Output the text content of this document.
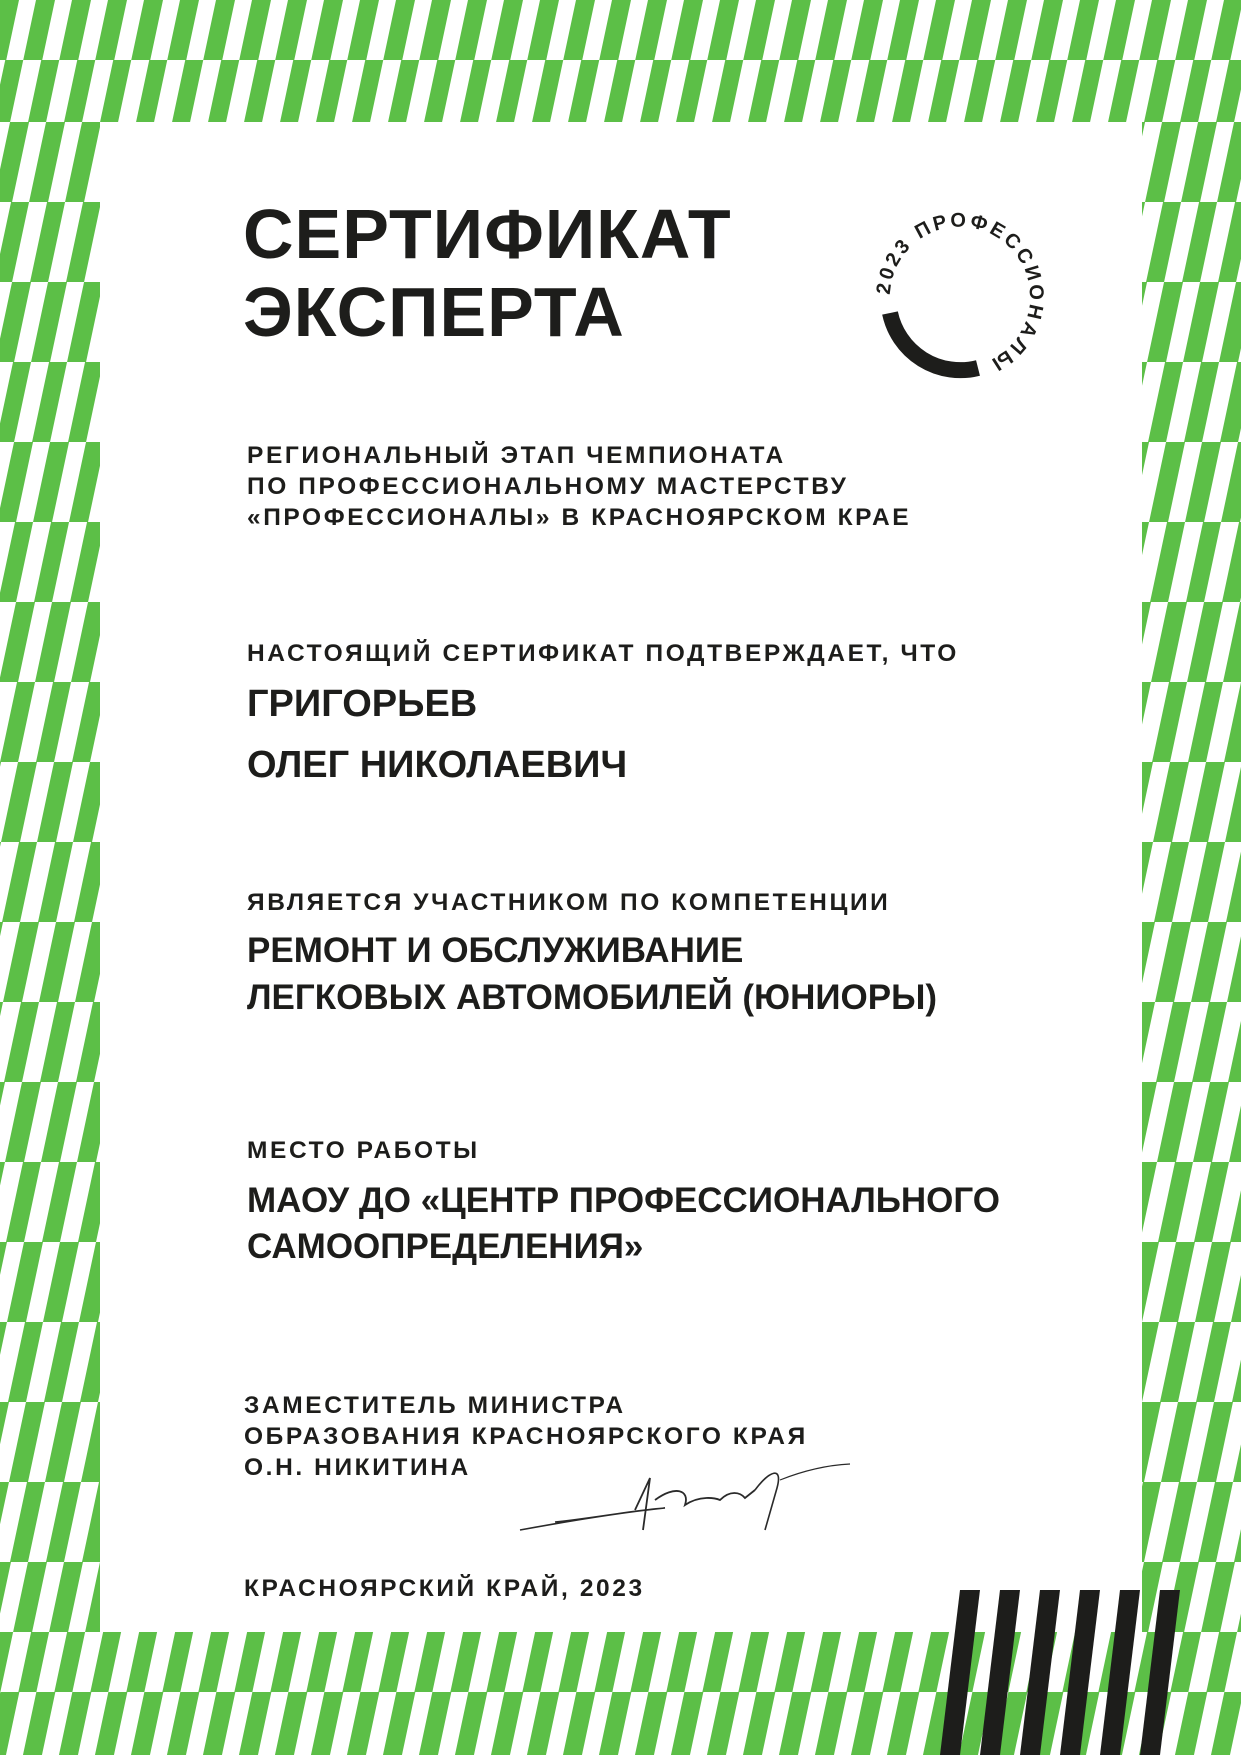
СЕРТИФИКАТ
ЭКСПЕРТА	2023 ПРОФЕССИОНАЛЫ
РЕГИОНАЛЬНЫЙ ЭТАП ЧЕМПИОНАТА
ПО ПРОФЕССИОНАЛЬНОМУ МАСТЕРСТВУ
«ПРОФЕССИОНАЛЫ» В КРАСНОЯРСКОМ КРАЕ
НАСТОЯЩИЙ СЕРТИФИКАТ ПОДТВЕРЖДАЕТ, ЧТО
ГРИГОРЬЕВ
ОЛЕГ НИКОЛАЕВИЧ
ЯВЛЯЕТСЯ УЧАСТНИКОМ ПО КОМПЕТЕНЦИИ
РЕМОНТ И ОБСЛУЖИВАНИЕ
ЛЕГКОВЫХ АВТОМОБИЛЕЙ (ЮНИОРЫ)
МЕСТО РАБОТЫ
МАОУ ДО «ЦЕНТР ПРОФЕССИОНАЛЬНОГО
САМООПРЕДЕЛЕНИЯ»
ЗАМЕСТИТЕЛЬ МИНИСТРА
ОБРАЗОВАНИЯ КРАСНОЯРСКОГО КРАЯ
О.Н. НИКИТИНА
КРАСНОЯРСКИЙ КРАЙ, 2023
